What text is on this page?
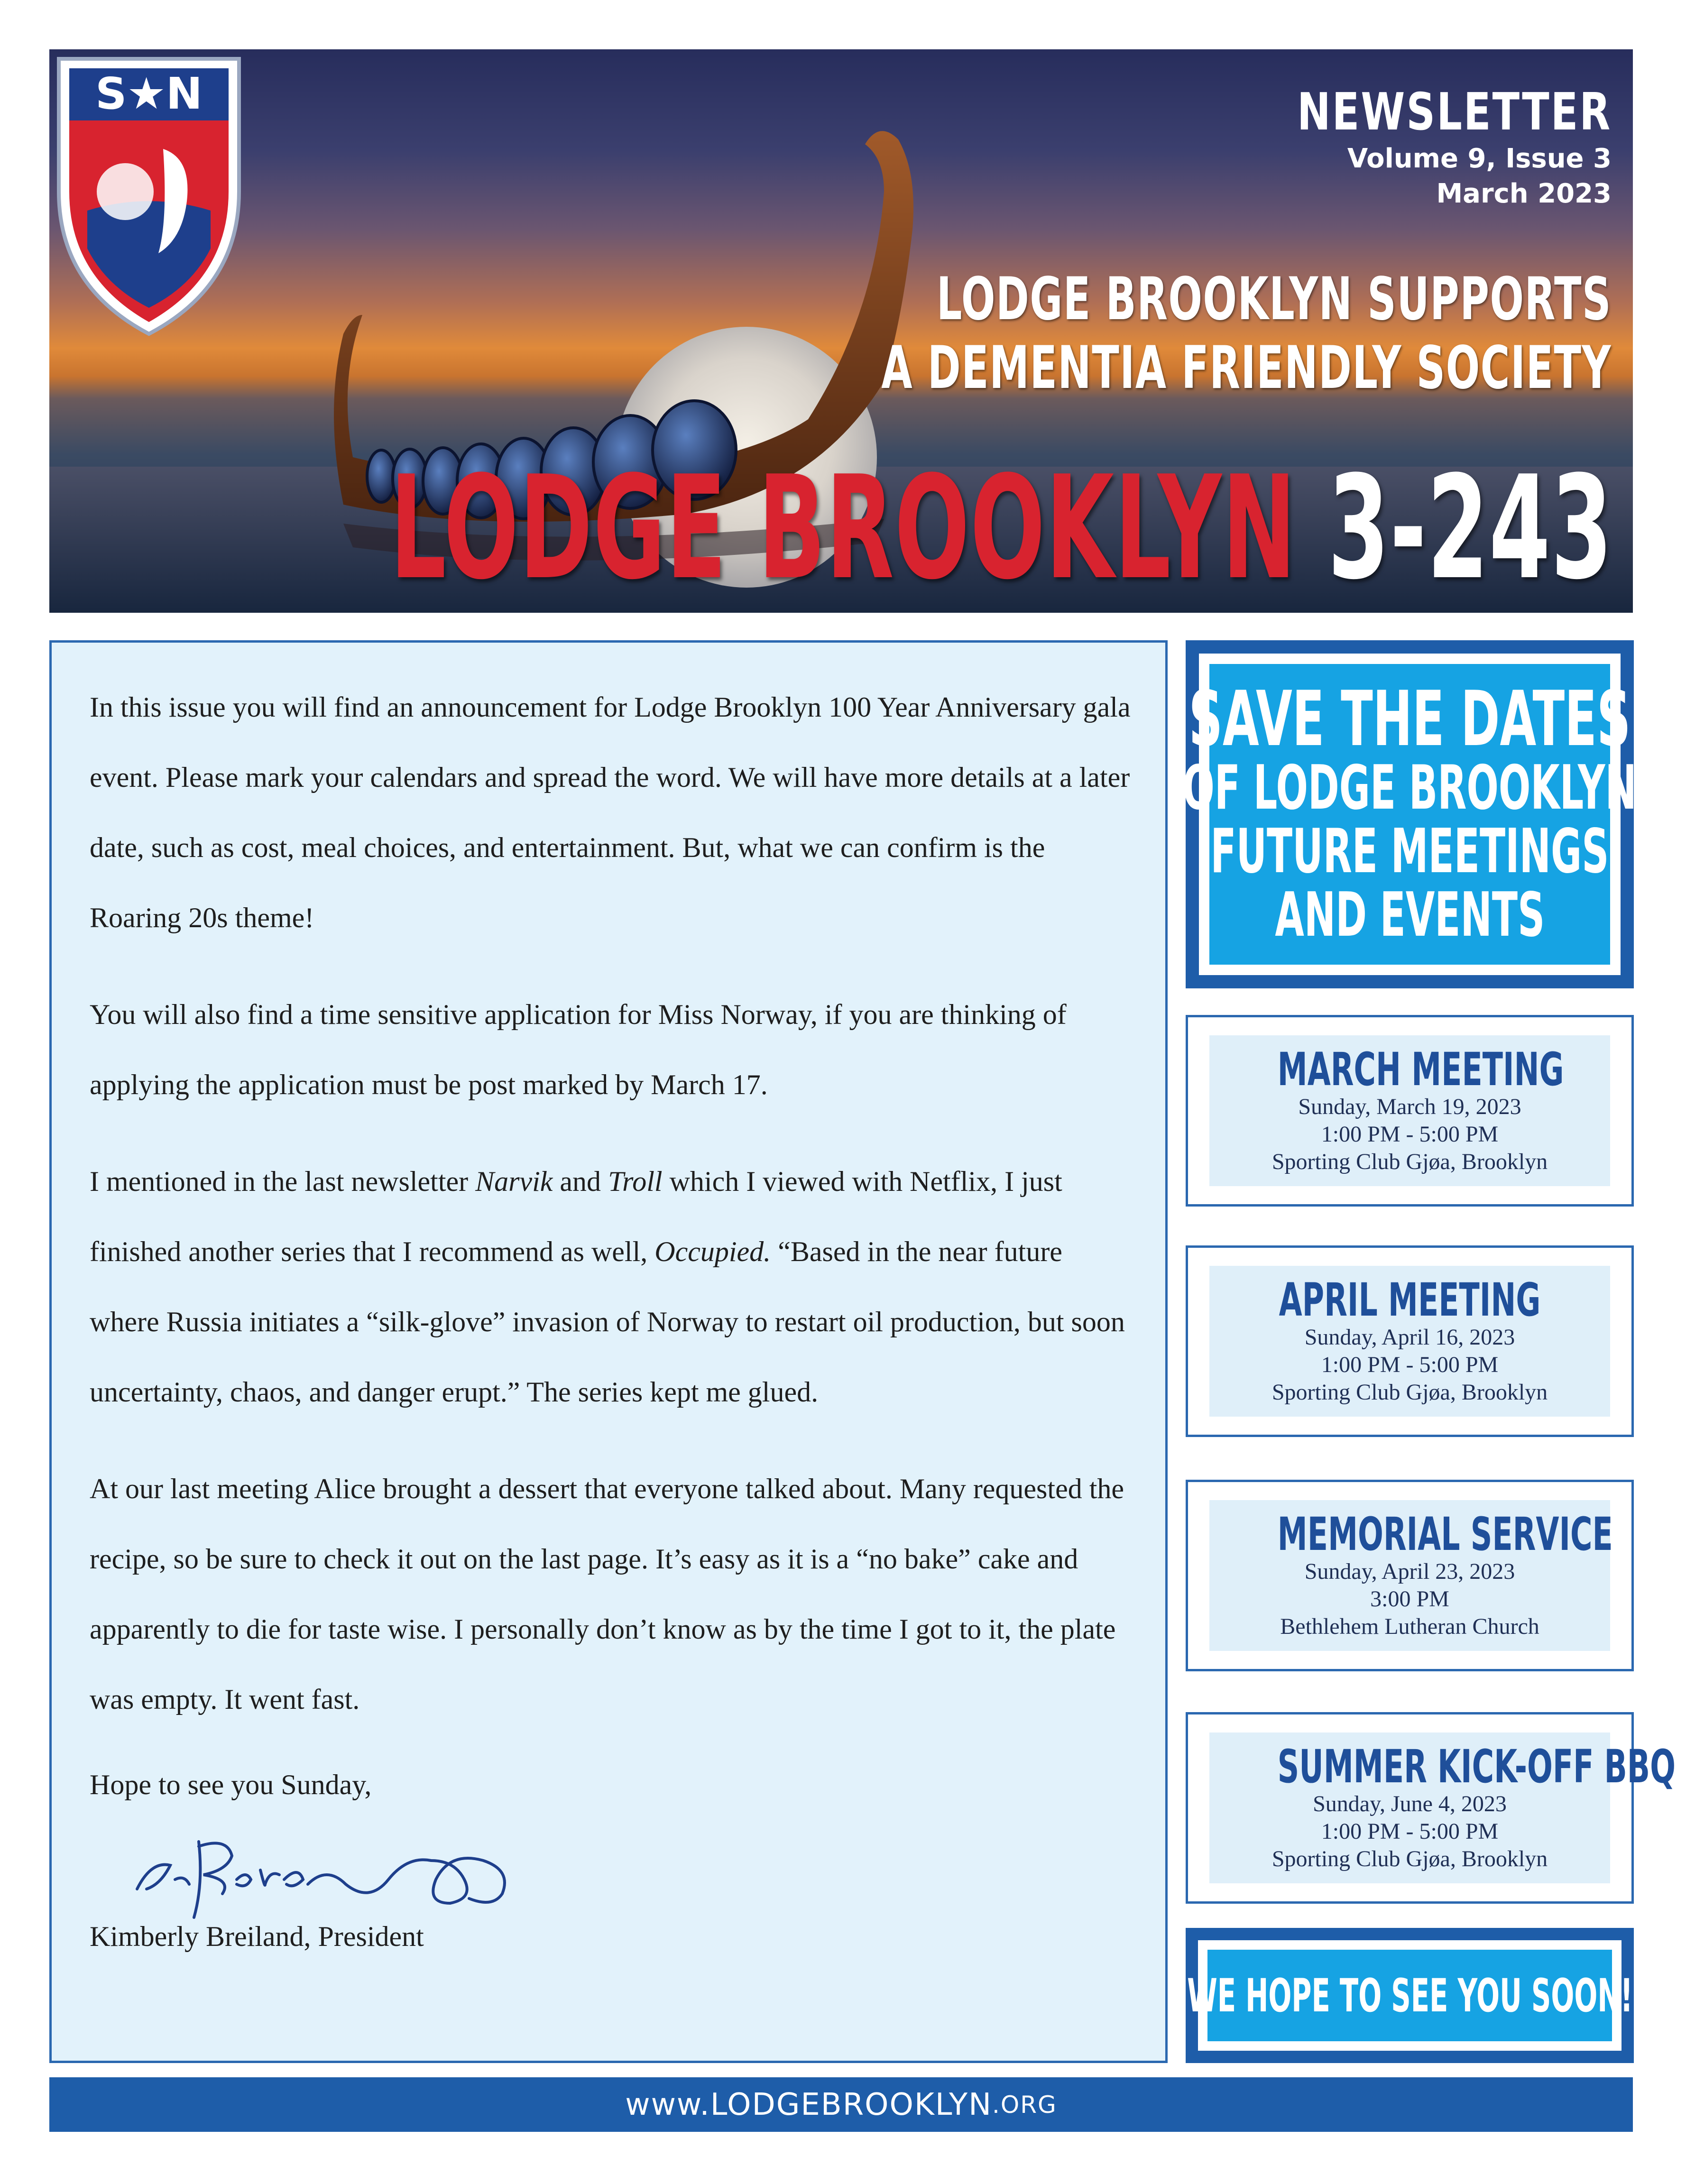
S★N	NEWSLETTER
Volume 9, Issue 3
March 2023
LODGE BROOKLYN SUPPORTS
A DEMENTIA FRIENDLY SOCIETY
LODGE BROOKLYN 3-243

In this issue you will find an announcement for Lodge Brooklyn 100 Year Anniversary gala event. Please mark your calendars and spread the word. We will have more details at a later date, such as cost, meal choices, and entertainment. But, what we can confirm is the Roaring 20s theme!

You will also find a time sensitive application for Miss Norway, if you are thinking of applying the application must be post marked by March 17.

I mentioned in the last newsletter Narvik and Troll which I viewed with Netflix, I just finished another series that I recommend as well, Occupied. “Based in the near future where Russia initiates a “silk-glove” invasion of Norway to restart oil production, but soon uncertainty, chaos, and danger erupt.” The series kept me glued.

At our last meeting Alice brought a dessert that everyone talked about. Many requested the recipe, so be sure to check it out on the last page. It’s easy as it is a “no bake” cake and apparently to die for taste wise. I personally don’t know as by the time I got to it, the plate was empty. It went fast.

Hope to see you Sunday,

Kimberly Breiland, President

SAVE THE DATES
OF LODGE BROOKLYN
FUTURE MEETINGS
AND EVENTS
MARCH MEETING
Sunday, March 19, 2023
1:00 PM - 5:00 PM
Sporting Club Gjøa, Brooklyn
APRIL MEETING
Sunday, April 16, 2023
1:00 PM - 5:00 PM
Sporting Club Gjøa, Brooklyn
MEMORIAL SERVICE
Sunday, April 23, 2023
3:00 PM
Bethlehem Lutheran Church
SUMMER KICK-OFF BBQ
Sunday, June 4, 2023
1:00 PM - 5:00 PM
Sporting Club Gjøa, Brooklyn
WE HOPE TO SEE YOU SOON!
www.LODGEBROOKLYN .ORG
